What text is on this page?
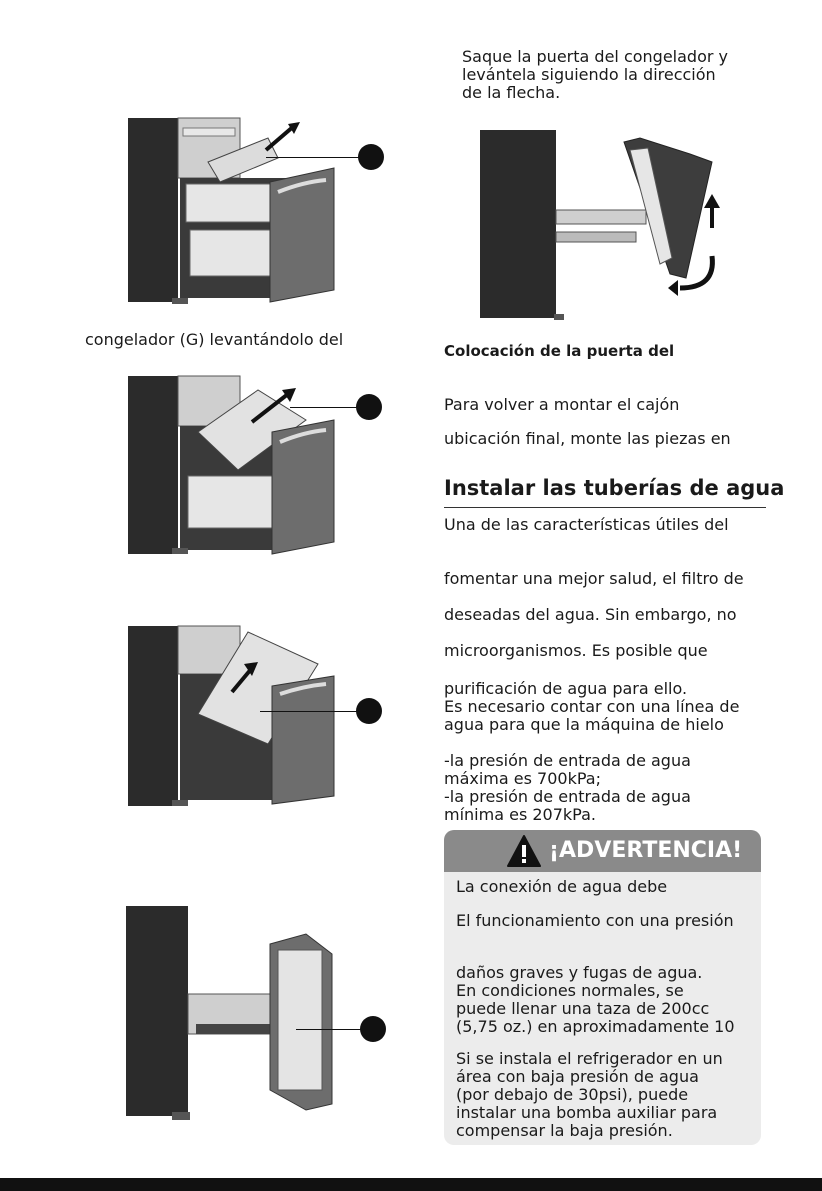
congelador (G) levantándolo del
Saque la puerta del congelador y
levántela siguiendo la dirección
de la flecha.
Colocación de la puerta del
Para volver a montar el cajón
ubicación final, monte las piezas en
Instalar las tuberías de agua
Una de las características útiles del
fomentar una mejor salud, el filtro de
deseadas del agua. Sin embargo, no
microorganismos. Es posible que
purificación de agua para ello.
Es necesario contar con una línea de
agua para que la máquina de hielo
-la presión de entrada de agua
máxima es 700kPa;
-la presión de entrada de agua
mínima es 207kPa.
¡ADVERTENCIA!
La conexión de agua debe
El funcionamiento con una presión
daños graves y fugas de agua.
En condiciones normales, se
puede llenar una taza de 200cc
(5,75 oz.) en aproximadamente 10
Si se instala el refrigerador en un
área con baja presión de agua
(por debajo de 30psi), puede
instalar una bomba auxiliar para
compensar la baja presión.
